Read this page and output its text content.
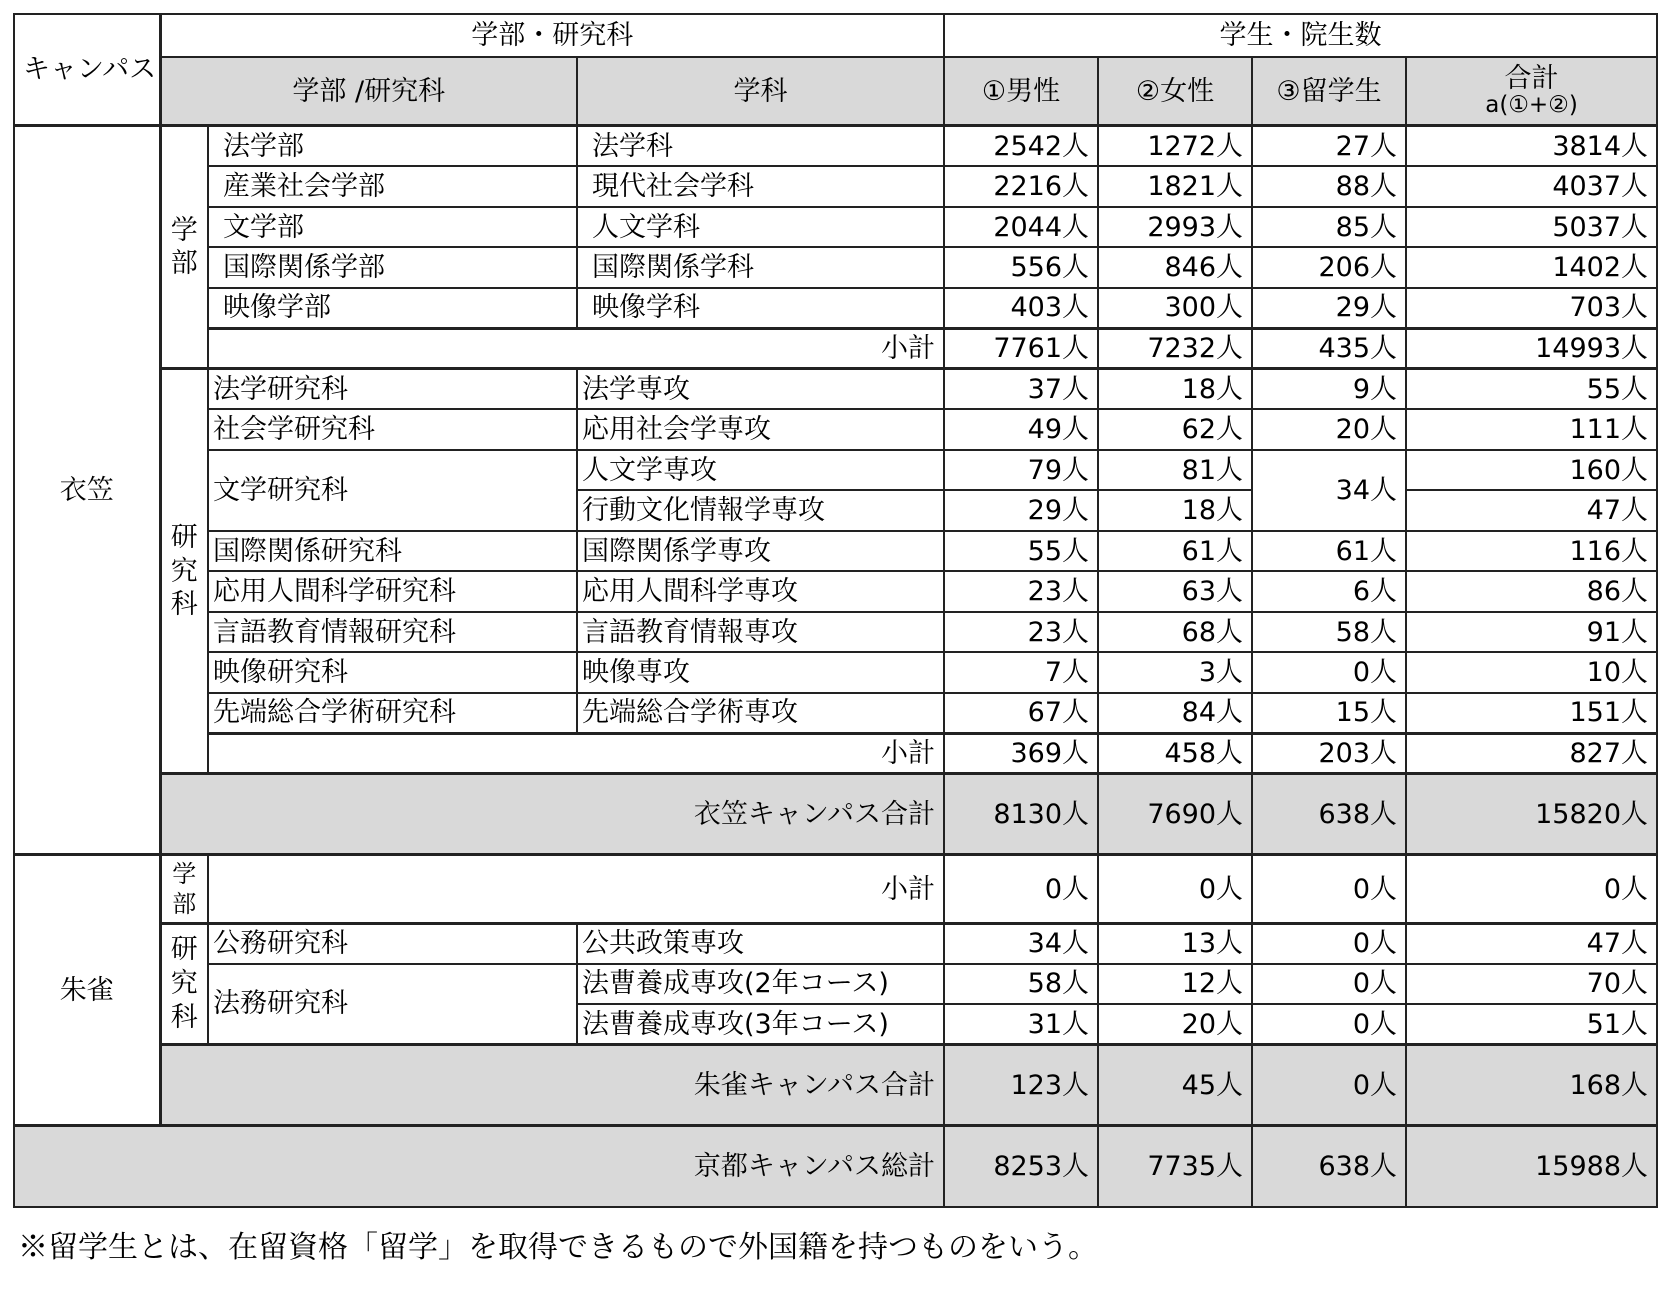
キャンパス	学部・研究科			学生・院生数			
	学部 /研究科		学科	①男性	②女性	③留学生	合計
a(①+②)

衣笠	学部	法学部	法学科	2542人	1272人	27人	3814人
		産業社会学部	現代社会学科	2216人	1821人	88人	4037人
		文学部	人文学科	2044人	2993人	85人	5037人
		国際関係学部	国際関係学科	556人	846人	206人	1402人
		映像学部	映像学科	403人	300人	29人	703人
		小計		7761人	7232人	435人	14993人
	研究科	法学研究科	法学専攻	37人	18人	9人	55人
		社会学研究科	応用社会学専攻	49人	62人	20人	111人
		文学研究科	人文学専攻	79人	81人	34人	160人
			行動文化情報学専攻	29人	18人		47人
		国際関係研究科	国際関係学専攻	55人	61人	61人	116人
		応用人間科学研究科	応用人間科学専攻	23人	63人	6人	86人
		言語教育情報研究科	言語教育情報専攻	23人	68人	58人	91人
		映像研究科	映像専攻	7人	3人	0人	10人
		先端総合学術研究科	先端総合学術専攻	67人	84人	15人	151人
		小計		369人	458人	203人	827人
	衣笠キャンパス合計			8130人	7690人	638人	15820人
朱雀	学部	小計		0人	0人	0人	0人
	研究科	公務研究科	公共政策専攻	34人	13人	0人	47人
		法務研究科	法曹養成専攻(2年コース)	58人	12人	0人	70人
			法曹養成専攻(3年コース)	31人	20人	0人	51人
	朱雀キャンパス合計			123人	45人	0人	168人
京都キャンパス総計				8253人	7735人	638人	15988人
※留学生とは、在留資格「留学」を取得できるもので外国籍を持つものをいう。
